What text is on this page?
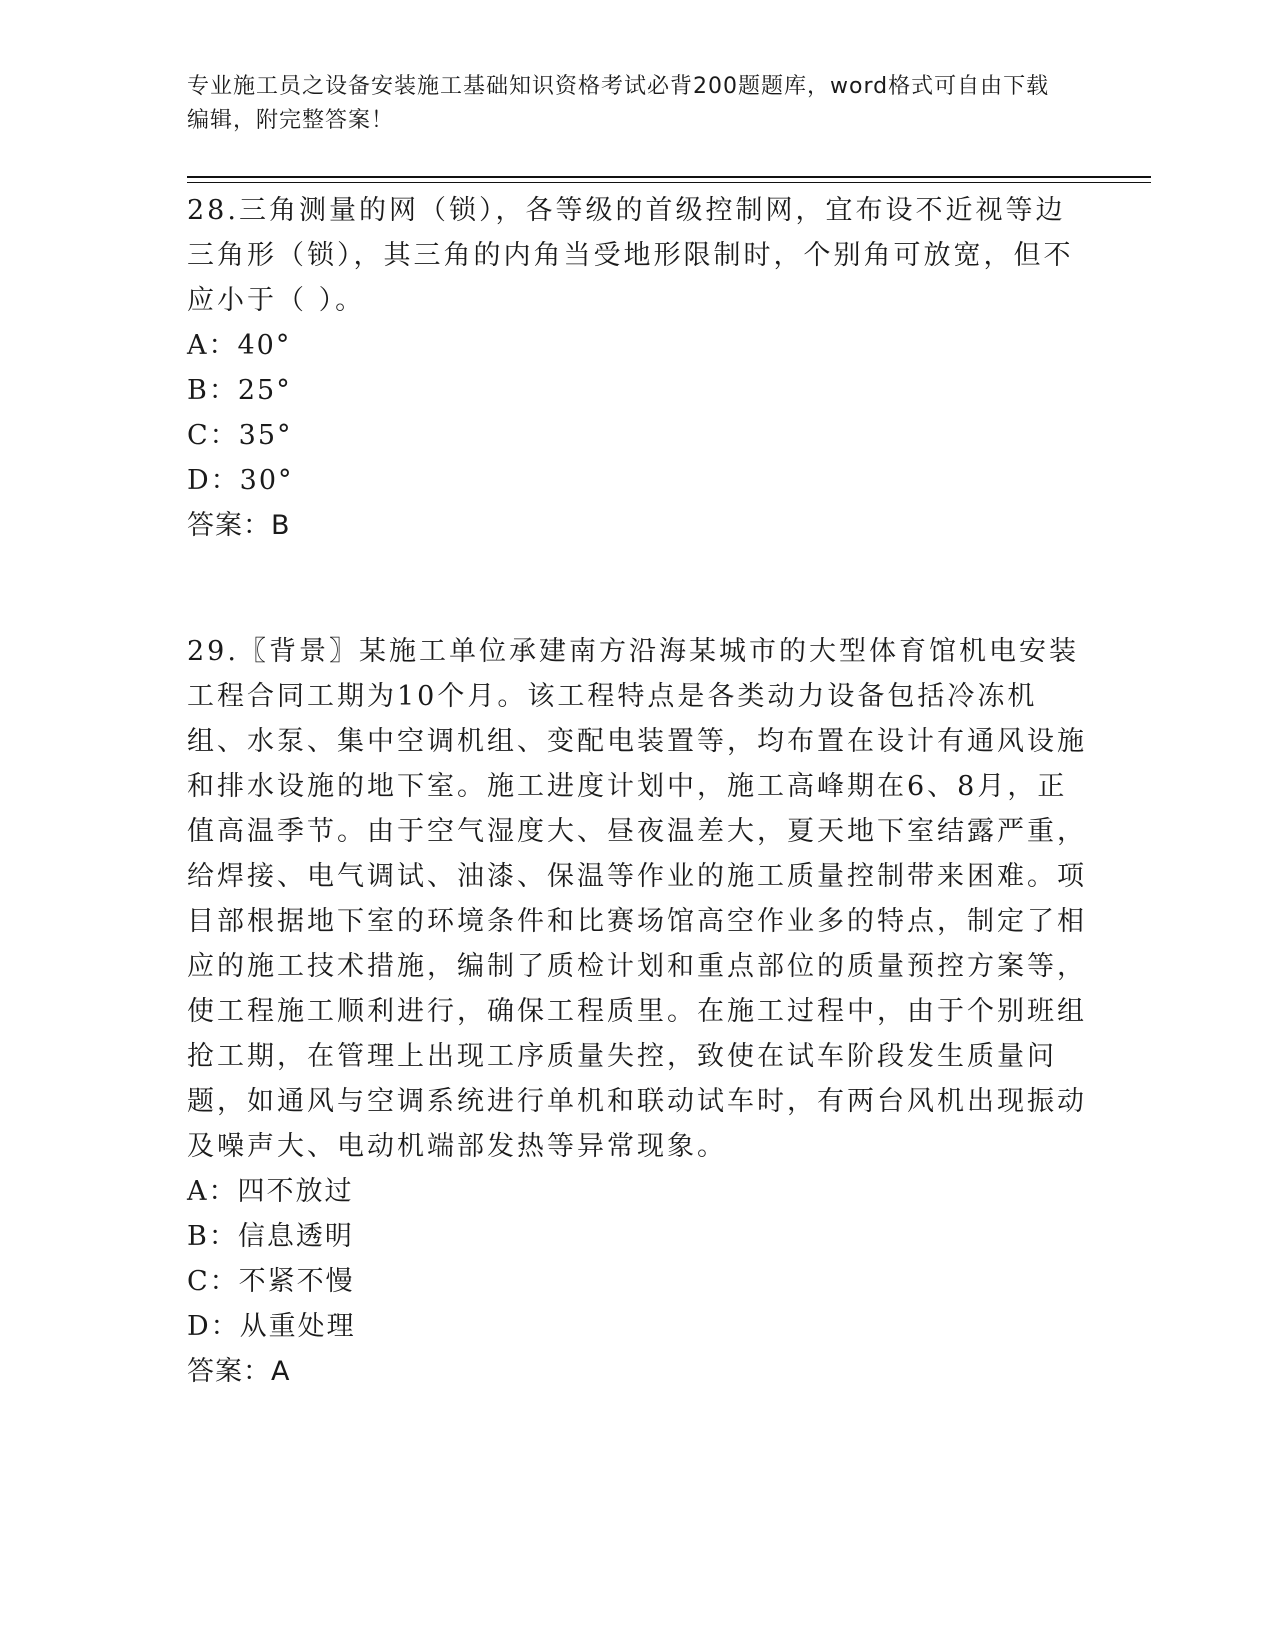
专业施工员之设备安装施工基础知识资格考试必背200题题库，word格式可自由下载编辑，附完整答案！

28.三角测量的网（锁），各等级的首级控制网，宜布设不近视等边三角形（锁），其三角的内角当受地形限制时，个别角可放宽，但不应小于（ ）。

A：40°

B：25°

C：35°

D：30°

答案：B

29.〖背景〗某施工单位承建南方沿海某城市的大型体育馆机电安装工程合同工期为10个月。该工程特点是各类动力设备包括冷冻机组、水泵、集中空调机组、变配电装置等，均布置在设计有通风设施和排水设施的地下室。施工进度计划中，施工高峰期在6、8月，正值高温季节。由于空气湿度大、昼夜温差大，夏天地下室结露严重，给焊接、电气调试、油漆、保温等作业的施工质量控制带来困难。项目部根据地下室的环境条件和比赛场馆高空作业多的特点，制定了相应的施工技术措施，编制了质检计划和重点部位的质量预控方案等，使工程施工顺利进行，确保工程质里。在施工过程中，由于个别班组抢工期，在管理上出现工序质量失控，致使在试车阶段发生质量问题，如通风与空调系统进行单机和联动试车时，有两台风机出现振动及噪声大、电动机端部发热等异常现象。

A：四不放过

B：信息透明

C：不紧不慢

D：从重处理

答案：A
